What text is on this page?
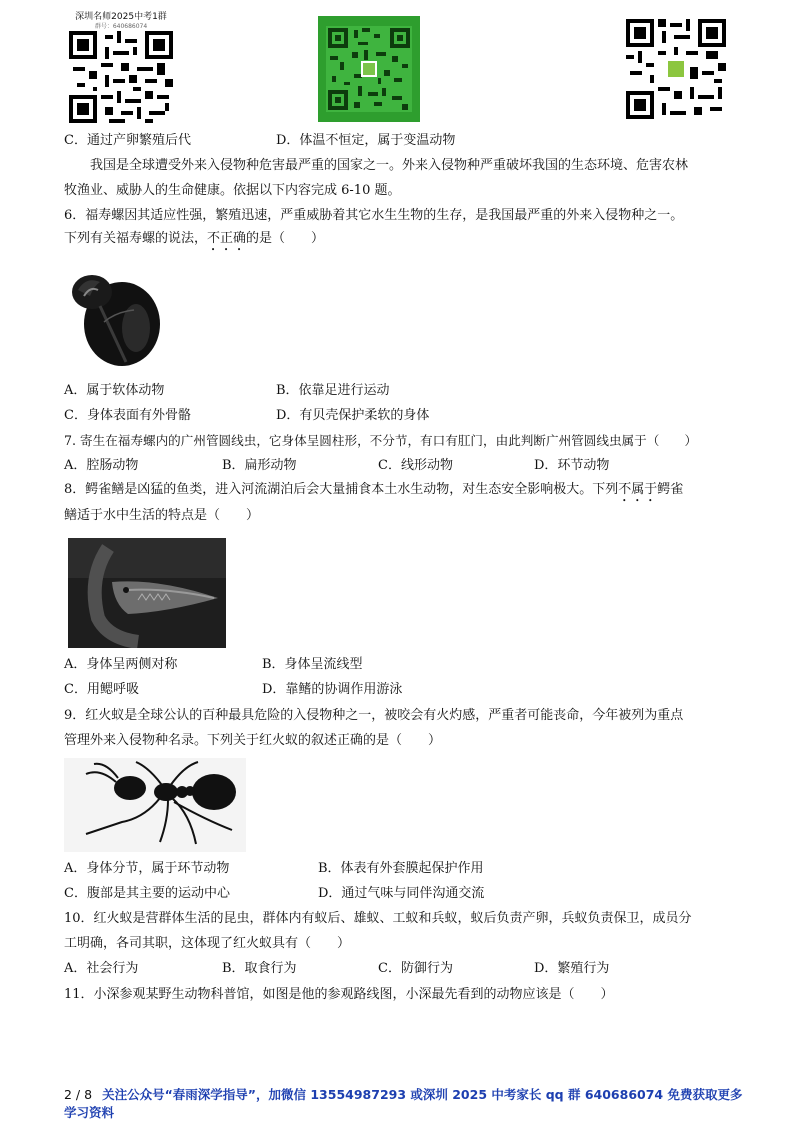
深圳名师2025中考1群
群号：640686074
C．通过产卵繁殖后代	D．体温不恒定，属于变温动物
我国是全球遭受外来入侵物种危害最严重的国家之一。外来入侵物种严重破坏我国的生态环境、危害农林
牧渔业、威胁人的生命健康。依据以下内容完成 6-10 题。
6．福寿螺因其适应性强，繁殖迅速，严重威胁着其它水生生物的生存，是我国最严重的外来入侵物种之一。
下列有关福寿螺的说法，不正确的是（　　）
A．属于软体动物	B．依靠足进行运动
C．身体表面有外骨骼	D．有贝壳保护柔软的身体
7. 寄生在福寿螺内的广州管圆线虫，它身体呈圆柱形，不分节，有口有肛门，由此判断广州管圆线虫属于（　　）
A．腔肠动物	B．扁形动物	C．线形动物	D．环节动物
8．鳄雀鳝是凶猛的鱼类，进入河流湖泊后会大量捕食本土水生动物，对生态安全影响极大。下列不属于鳄雀
鳝适于水中生活的特点是（　　）
A．身体呈两侧对称	B．身体呈流线型
C．用鳃呼吸	D．靠鳍的协调作用游泳
9．红火蚁是全球公认的百种最具危险的入侵物种之一，被咬会有火灼感，严重者可能丧命，今年被列为重点
管理外来入侵物种名录。下列关于红火蚁的叙述正确的是（　　）
A．身体分节，属于环节动物	B．体表有外套膜起保护作用
C．腹部是其主要的运动中心	D．通过气味与同伴沟通交流
10．红火蚁是营群体生活的昆虫，群体内有蚁后、雄蚁、工蚁和兵蚁，蚁后负责产卵，兵蚁负责保卫，成员分
工明确，各司其职，这体现了红火蚁具有（　　）
A．社会行为	B．取食行为	C．防御行为	D．繁殖行为
11．小深参观某野生动物科普馆，如图是他的参观路线图，小深最先看到的动物应该是（　　）
2 / 8 关注公众号“春雨深学指导”，加微信 13554987293 或深圳 2025 中考家长 qq 群 640686074 免费获取更多学习资料
